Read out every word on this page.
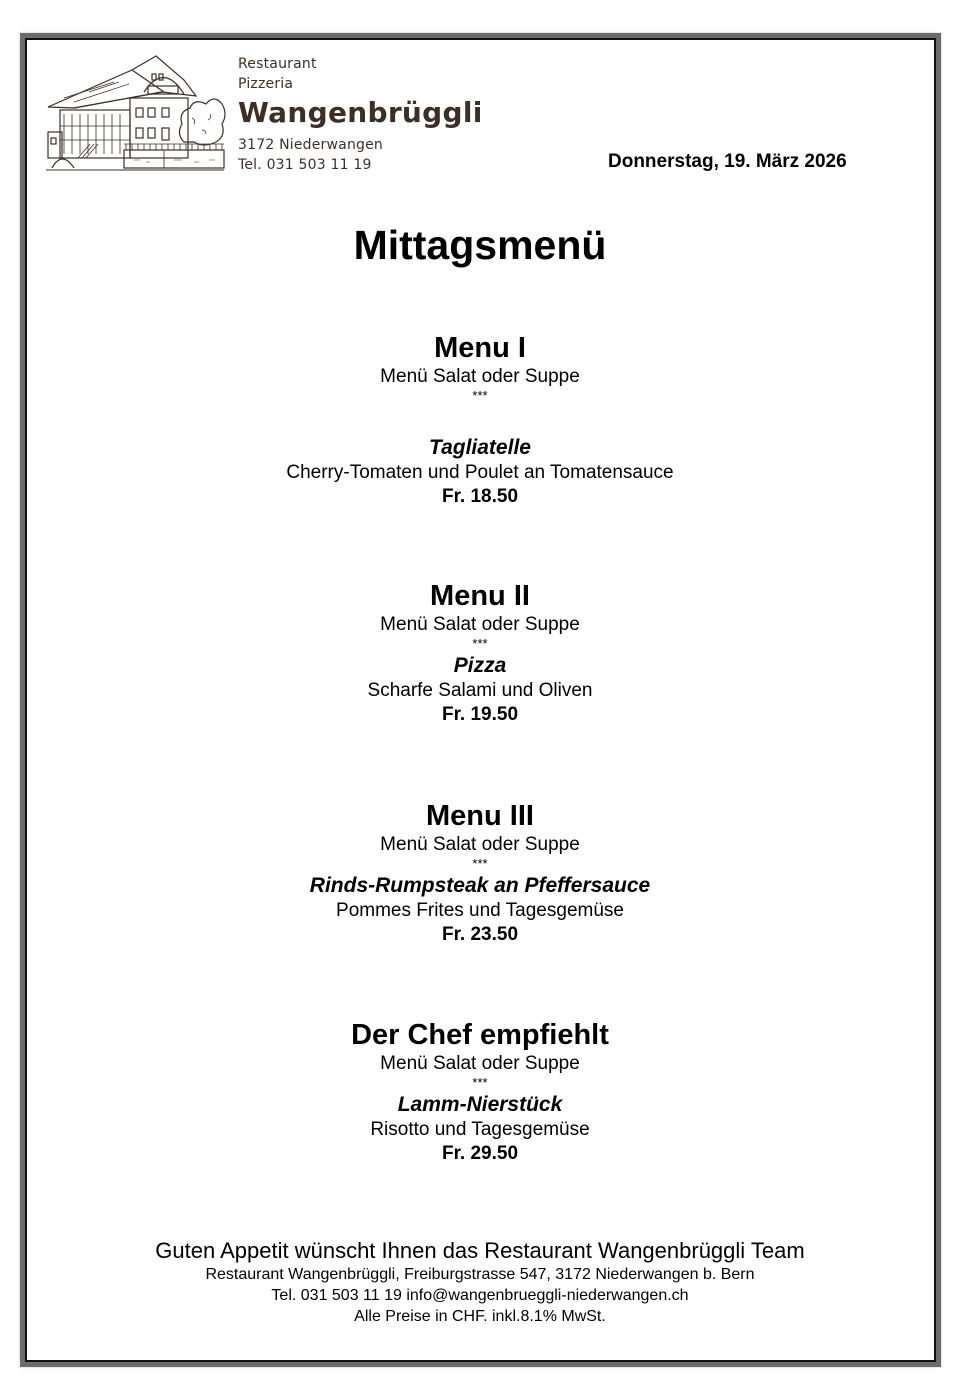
Restaurant
Pizzeria
Wangenbrüggli
3172 Niederwangen
Tel. 031 503 11 19	Donnerstag, 19. März 2026
Mittagsmenü
Menu I
Menü Salat oder Suppe
***
Tagliatelle
Cherry-Tomaten und Poulet an Tomatensauce
Fr. 18.50
Menu II
Menü Salat oder Suppe
***
Pizza
Scharfe Salami und Oliven
Fr. 19.50
Menu III
Menü Salat oder Suppe
***
Rinds-Rumpsteak an Pfeffersauce
Pommes Frites und Tagesgemüse
Fr. 23.50
Der Chef empfiehlt
Menü Salat oder Suppe
***
Lamm-Nierstück
Risotto und Tagesgemüse
Fr. 29.50
Guten Appetit wünscht Ihnen das Restaurant Wangenbrüggli Team
Restaurant Wangenbrüggli, Freiburgstrasse 547, 3172 Niederwangen b. Bern
Tel. 031 503 11 19 info@wangenbrueggli-niederwangen.ch
Alle Preise in CHF. inkl.8.1% MwSt.
